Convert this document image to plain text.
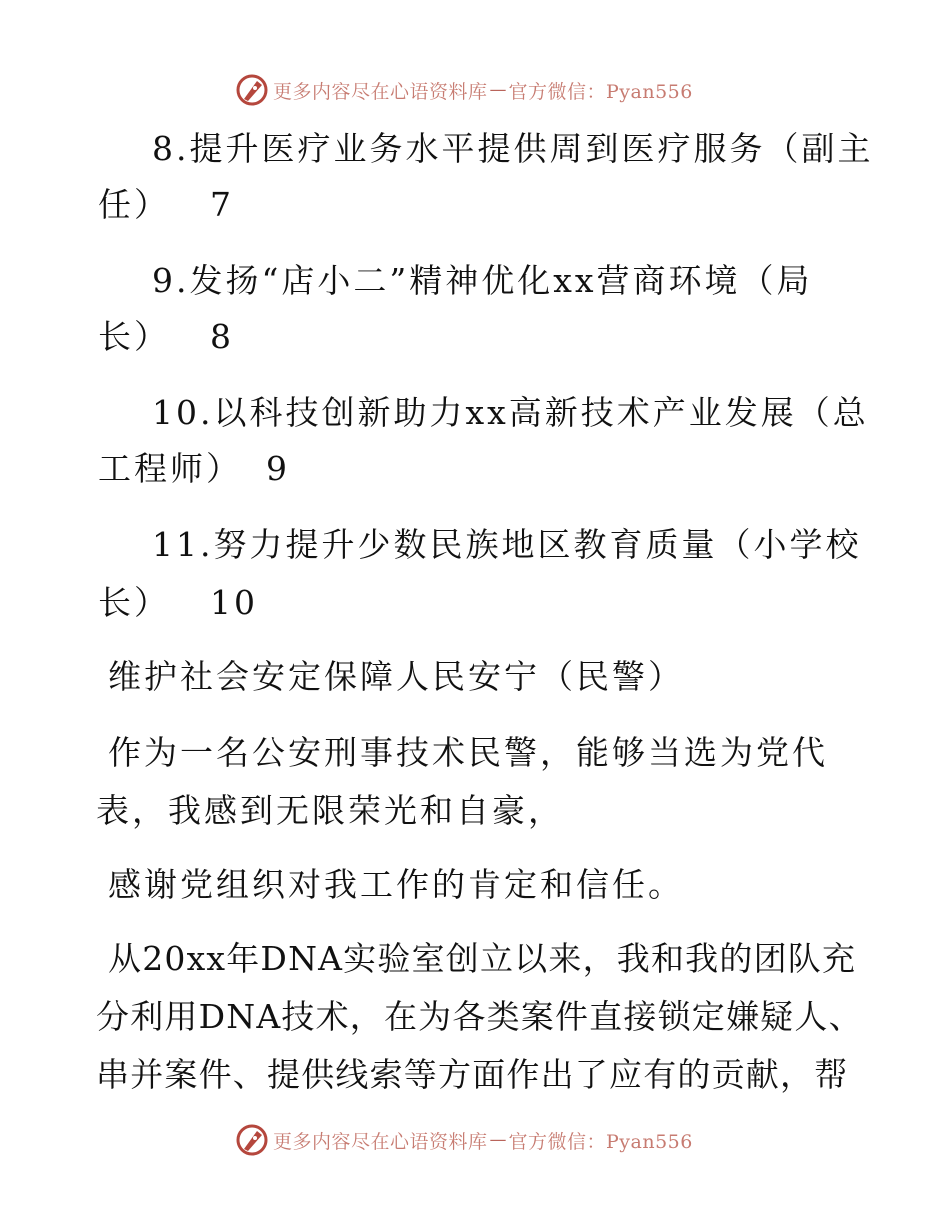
更多内容尽在心语资料库 — 官方微信：Pyan556
8.提升医疗业务水平提供周到医疗服务（副主
任） 7
9.发扬“店小二”精神优化xx营商环境（局
长） 8
10.以科技创新助力xx高新技术产业发展（总
工程师） 9
11.努力提升少数民族地区教育质量（小学校
长） 10
维护社会安定保障人民安宁（民警）
作为一名公安刑事技术民警，能够当选为党代
表，我感到无限荣光和自豪，
感谢党组织对我工作的肯定和信任。
从20xx年DNA实验室创立以来，我和我的团队充
分利用DNA技术，在为各类案件直接锁定嫌疑人、
串并案件、提供线索等方面作出了应有的贡献，帮
更多内容尽在心语资料库 — 官方微信：Pyan556
